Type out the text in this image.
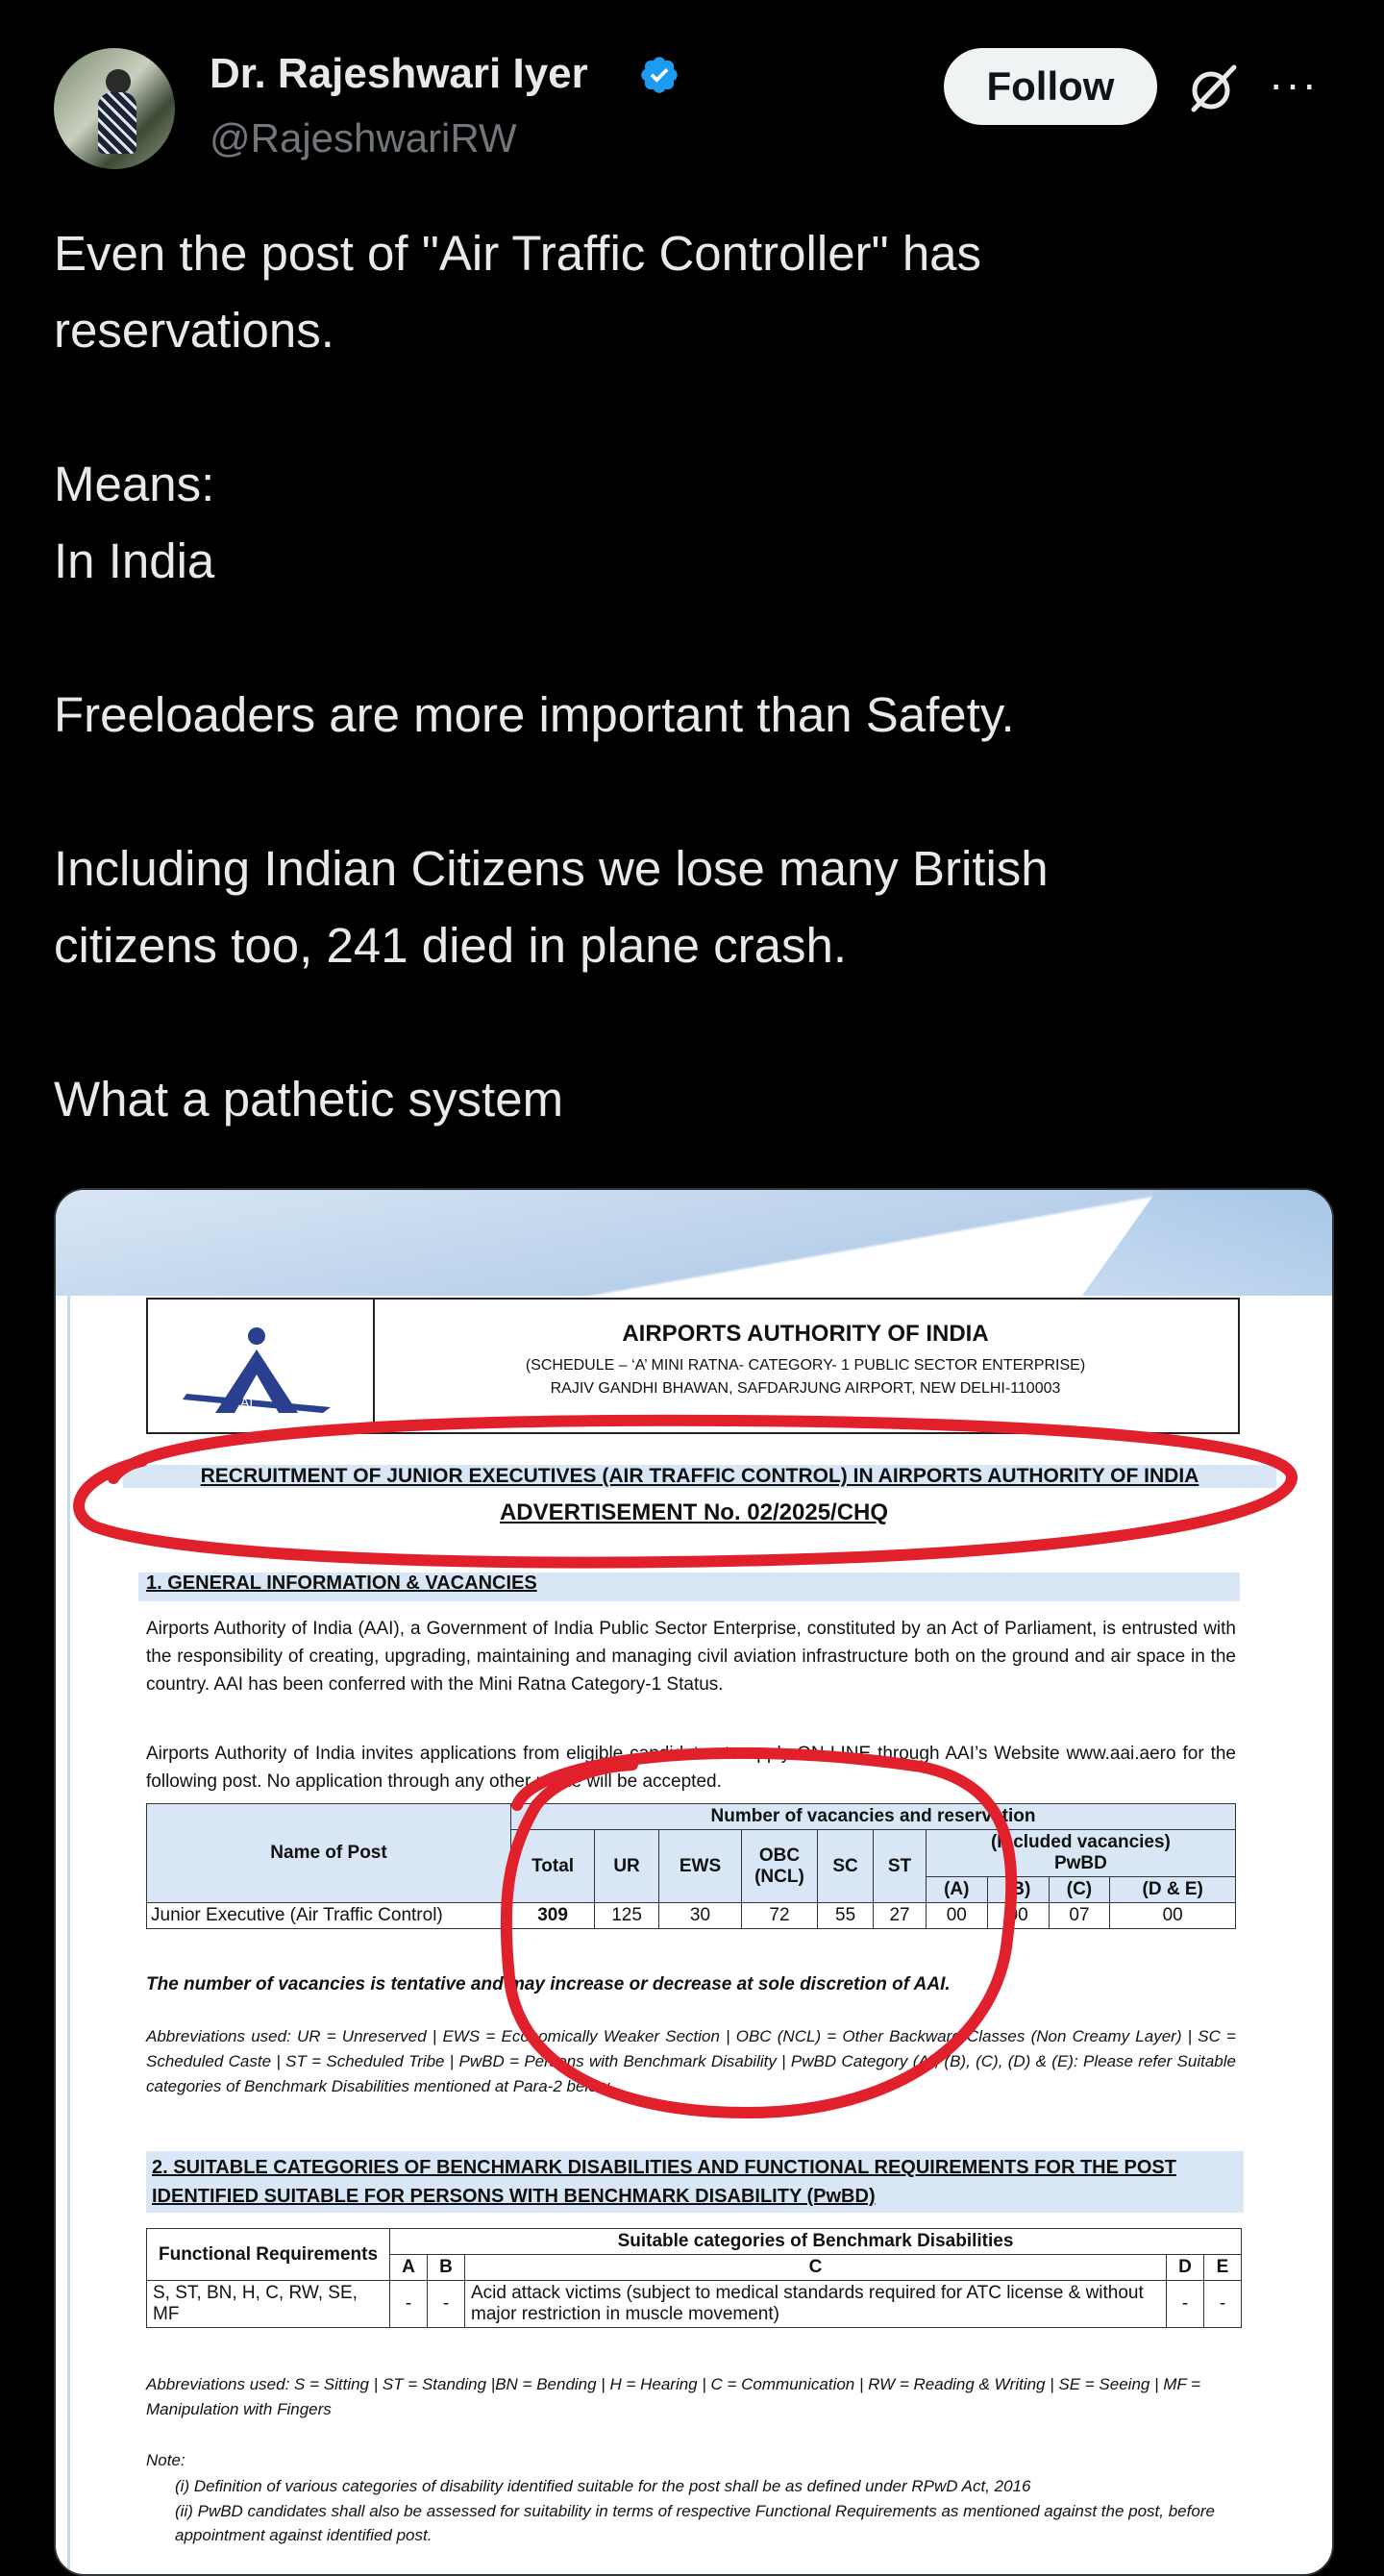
Dr. Rajeshwari Iyer
@RajeshwariRW
Follow	···
Even the post of "Air Traffic Controller" has
reservations.

Means:
In India

Freeloaders are more important than Safety.

Including Indian Citizens we lose many British
citizens too, 241 died in plane crash.

What a pathetic system
AI
AIRPORTS AUTHORITY OF INDIA
(SCHEDULE – ‘A’ MINI RATNA- CATEGORY- 1 PUBLIC SECTOR ENTERPRISE)
RAJIV GANDHI BHAWAN, SAFDARJUNG AIRPORT, NEW DELHI-110003
RECRUITMENT OF JUNIOR EXECUTIVES (AIR TRAFFIC CONTROL) IN AIRPORTS AUTHORITY OF INDIA
ADVERTISEMENT No. 02/2025/CHQ
1. GENERAL INFORMATION & VACANCIES
Airports Authority of India (AAI), a Government of India Public Sector Enterprise, constituted by an Act of Parliament, is entrusted with the responsibility of creating, upgrading, maintaining and managing civil aviation infrastructure both on the ground and air space in the country. AAI has been conferred with the Mini Ratna Category-1 Status.
Airports Authority of India invites applications from eligible candidates to apply ON-LINE through AAI’s Website www.aai.aero for the following post. No application through any other mode will be accepted.
Name of Post	Number of vacancies and reservation									
	Total	UR	EWS	OBC (NCL)	SC	ST	(Included vacancies)
PwBD			

							(A)	(B)	(C)	(D & E)
Junior Executive (Air Traffic Control)	309	125	30	72	55	27	00	00	07	00
The number of vacancies is tentative and may increase or decrease at sole discretion of AAI.
Abbreviations used: UR = Unreserved | EWS = Economically Weaker Section | OBC (NCL) = Other Backward Classes (Non Creamy Layer) | SC = Scheduled Caste | ST = Scheduled Tribe | PwBD = Persons with Benchmark Disability | PwBD Category (A), (B), (C), (D) & (E): Please refer Suitable categories of Benchmark Disabilities mentioned at Para-2 below.
2. SUITABLE CATEGORIES OF BENCHMARK DISABILITIES AND FUNCTIONAL REQUIREMENTS FOR THE POST IDENTIFIED SUITABLE FOR PERSONS WITH BENCHMARK DISABILITY (PwBD)
Functional Requirements	Suitable categories of Benchmark Disabilities				
	A	B	C	D	E
S, ST, BN, H, C, RW, SE, MF	-	-	Acid attack victims (subject to medical standards required for ATC license & without major restriction in muscle movement)	-	-
Abbreviations used: S = Sitting | ST = Standing |BN = Bending | H = Hearing | C = Communication | RW = Reading & Writing | SE = Seeing | MF = Manipulation with Fingers
Note:
(i) Definition of various categories of disability identified suitable for the post shall be as defined under RPwD Act, 2016
(ii) PwBD candidates shall also be assessed for suitability in terms of respective Functional Requirements as mentioned against the post, before appointment against identified post.
